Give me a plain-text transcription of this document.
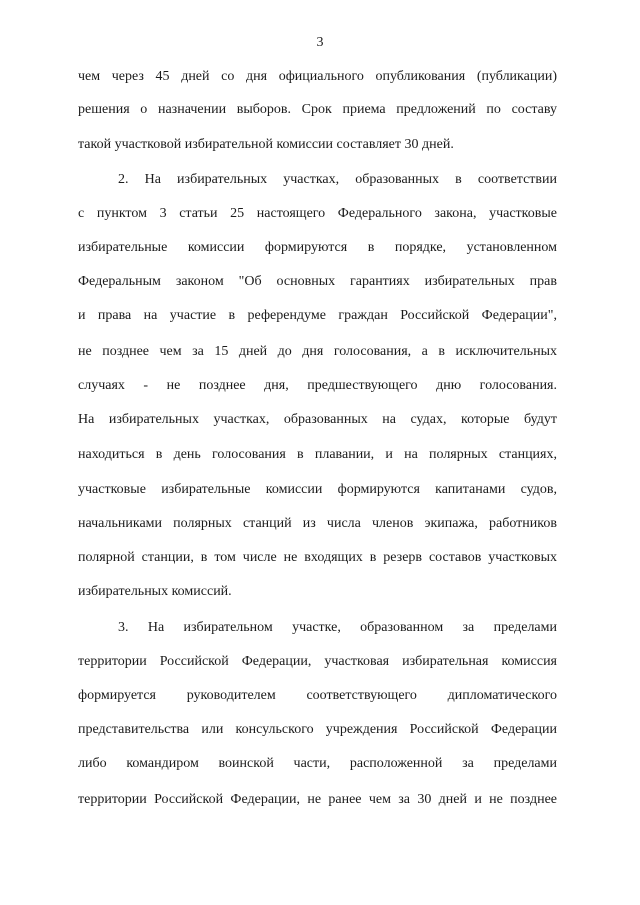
3
чем через 45 дней со дня официального опубликования (публикации)
решения о назначении выборов. Срок приема предложений по составу
такой участковой избирательной комиссии составляет 30 дней.
2. На избирательных участках, образованных в соответствии
с пунктом 3 статьи 25 настоящего Федерального закона, участковые
избирательные комиссии формируются в порядке, установленном
Федеральным законом "Об основных гарантиях избирательных прав
и права на участие в референдуме граждан Российской Федерации",
не позднее чем за 15 дней до дня голосования, а в исключительных
случаях - не позднее дня, предшествующего дню голосования.
На избирательных участках, образованных на судах, которые будут
находиться в день голосования в плавании, и на полярных станциях,
участковые избирательные комиссии формируются капитанами судов,
начальниками полярных станций из числа членов экипажа, работников
полярной станции, в том числе не входящих в резерв составов участковых
избирательных комиссий.
3. На избирательном участке, образованном за пределами
территории Российской Федерации, участковая избирательная комиссия
формируется руководителем соответствующего дипломатического
представительства или консульского учреждения Российской Федерации
либо командиром воинской части, расположенной за пределами
территории Российской Федерации, не ранее чем за 30 дней и не позднее
